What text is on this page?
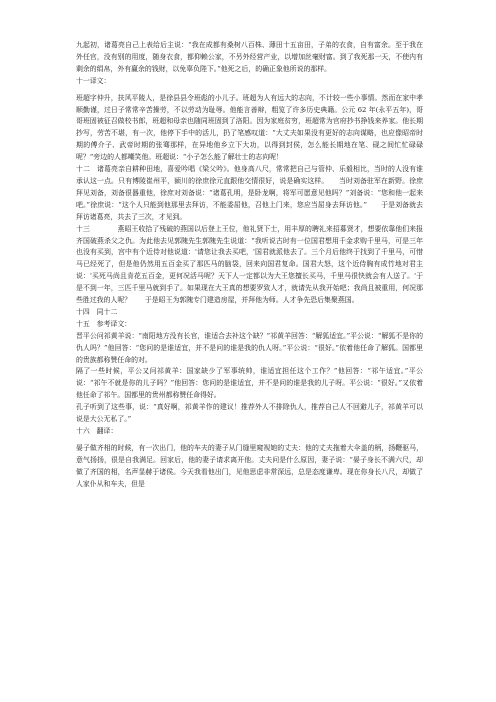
九起初，诸葛亮自己上表给后主说：“我在成都有桑树八百株、薄田十五亩田，子弟的衣食，自有富余。至于我在外任官，没有别的用度，随身衣食，都仰赖公家，不另外经营产业，以增加丝毫财富。到了我死那一天，不使内有剩余的绢帛，外有赢余的钱财，以免辜负陛下。”他死之后，的确正象他所说的那样。

十一译文：

班超字仲升，扶风平陵人，是徐县县令班彪的小儿子。班超为人有远大的志向，不计较一些小事情。然而在家中孝顺勤谨，过日子常常辛苦操劳，不以劳动为耻辱。他能言善辩，粗览了许多历史典籍。公元 62 年(永平五年)，哥哥班固被征召做校书郎，班超和母亲也随同班固到了洛阳。因为家庭贫穷，班超常为官府抄书挣钱来养家。他长期抄写，劳苦不堪，有一次，他停下手中的活儿，扔了笔感叹道：“大丈夫如果没有更好的志向谋略，也应像昭帝时期的傅介子、武帝时期的张骞那样，在异地他乡立下大功，以得到封侯，怎么能长期地在笔、砚之间忙忙碌碌呢？”旁边的人都嘲笑他。班超说：“小子怎么能了解壮士的志向呢！

十二　诸葛亮亲自耕种田地，喜爱吟唱《梁父吟》。他身高八尺，常常把自己与管仲、乐毅相比，当时的人没有谁承认这一点。只有博陵崔州平，颍川的徐庶徐元直跟他交情很好，说是确实这样。　　当时刘备驻军在新野。徐庶拜见刘备，刘备很器重他，徐庶对刘备说：“诸葛孔明，是卧龙啊，将军可愿意见他吗？”刘备说：“您和他一起来吧。”徐庶说：“这个人只能到他那里去拜访，不能委屈他，召他上门来，您应当屈身去拜访他。”　　于是刘备就去拜访诸葛亮，共去了三次，才见到。

十三　　　　燕昭王收拾了残破的燕国以后登上王位，他礼贤下士，用丰厚的聘礼来招募贤才，想要依靠他们来报齐国破燕杀父之仇。为此他去见郭隗先生郭隗先生说道：“我听说古时有一位国君想用千金求购千里马，可是三年也没有买到，宫中有个近侍对他说道：'请您让我去买吧，'国君就派他去了。三个月后他终于找到了千里马，可惜马已经死了，但是他仍然用五百金买了那匹马的脑袋，回来向国君复命。国君大怒，这个近侍胸有成竹地对君主说：'买死马尚且肯花五百金，更何况活马呢？天下人一定都以为大王您擅长买马，千里马很快就会有人送了。'于是不到一年，三匹千里马就到手了。如果现在大王真的想要罗致人才，就请先从我开始吧；我尚且被重用，何况那些胜过我的人呢？　　于是昭王为郭隗专门建造房屋，并拜他为师。人才争先恐后集聚燕国。

十四　同十二

十五　参考译文：

晋平公问祁黄羊说：“南阳地方没有长官，谁适合去补这个缺？”祁黄羊回答：“解狐适宜。”平公说：“解狐不是你的仇人吗？”他回答：“您问的是谁适宜，并不是问的谁是我的仇人呀。”平公说：“很好。”依着他任命了解狐。国都里的贵族都称赞任命的对。

隔了一些时候，平公又问祁黄羊：国家缺少了军事统帅，谁适宜担任这个工作？”他回答：“祁午适宜。”平公说：“祁午不就是你的儿子吗？”他回答：您问的是谁适宜，并不是问的谁是我的儿子呀。平公说：“很好。”又依着他任命了祁午。国都里的贵州都称赞任命得好。

孔子听到了这些事，说：“真好啊，祁黄羊作的建议！推荐外人不排除仇人，推荐自己人不回避儿子，祁黄羊可以说是大公无私了。”

十六　翻译：

晏子做齐相的时候，有一次出门，他的车夫的妻子从门缝里窥视她的丈夫：他的丈夫拖着大伞盖的柄，扬鞭驱马，意气扬扬，很是自我满足。回家后，他的妻子请求离开他。丈夫问是什么原因，妻子说：“晏子身长不满六尺，却做了齐国的相，名声显赫于诸侯。今天我看他出门，见他思虑非常深远，总是态度谦卑。现在你身长八尺，却做了人家仆从和车夫，但是
